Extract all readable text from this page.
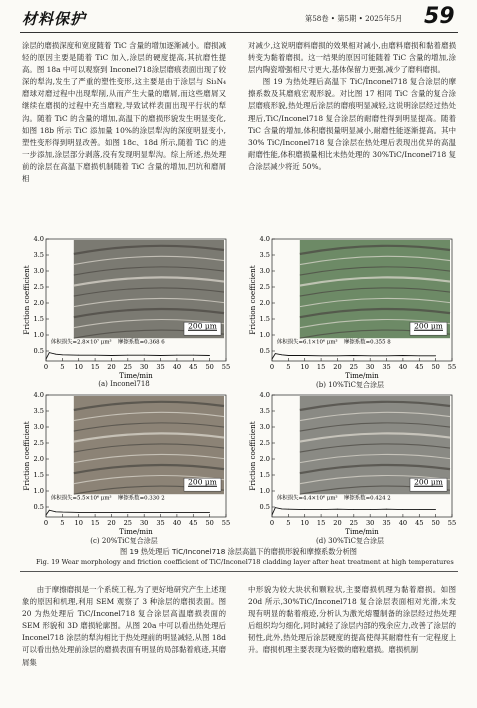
材料保护	第58卷 • 第5期 • 2025年5月 59

涂层的磨损深度和宽度随着 TiC 含量的增加逐渐减小。磨损减轻的原因主要是随着 TiC 加入,涂层的硬度提高,其抗磨性提高。图 18a 中可以观察到 Inconel718涂层磨痕表面出现了较深的犁沟,发生了严重的塑性变形,这主要是由于涂层与 Si₃N₄磨球对磨过程中出现犁削,从而产生大量的磨屑,而这些磨屑又继续在磨损的过程中充当磨粒,导致试样表面出现平行状的犁沟。随着 TiC 的含量的增加,高温下的磨损形貌发生明显变化,如图 18b 所示 TiC 添加量 10%的涂层犁沟的深度明显变小,塑性变形得到明显改善。如图 18c、18d 所示,随着 TiC 的进一步添加,涂层部分剥落,没有发现明显犁沟。综上所述,热处理前的涂层在高温下磨损机制随着 TiC 含量的增加,凹坑和磨屑相

对减少,这说明磨料磨损的效果相对减小,由磨料磨损和黏着磨损转变为黏着磨损。这一结果的原因可能随着 TiC 含量的增加,涂层内陶瓷增强相尺寸更大,基体保留力更强,减少了磨料磨损。

图 19 为热处理后高温下 TiC/Inconel718 复合涂层的摩擦系数及其磨痕宏观形貌。对比图 17 相同 TiC 含量的复合涂层磨痕形貌,热处理后涂层的磨痕明显减轻,这说明涂层经过热处理后,TiC/Inconel718 复合涂层的耐磨性得到明显提高。随着 TiC 含量的增加,体积磨损量明显减小,耐磨性能逐渐提高。其中 30% TiC/Inconel718 复合涂层在热处理后表现出优异的高温耐磨性能,体积磨损量相比未热处理的 30%TiC/Inconel718 复合涂层减少将近 50%。

200 μm
0.5
1.0
1.5
2.0
2.5
3.0
3.5
4.0
0 5 10 15 20 25 30 35 40 45 50 55
Time/min
Friction coefficient
体积损失=2.8×10⁷ μm³ 摩擦系数=0.368 6
200 μm
0.5
1.0
1.5
2.0
2.5
3.0
3.5
4.0
0 5 10 15 20 25 30 35 40 45 50 55
Time/min
Friction coefficient
体积损失=6.1×10⁶ μm³ 摩擦系数=0.355 8
200 μm
0.5
1.0
1.5
2.0
2.5
3.0
3.5
4.0
0 5 10 15 20 25 30 35 40 45 50 55
Time/min
Friction coefficient
体积损失=5.5×10⁶ μm³ 摩擦系数=0.330 2
200 μm
0.5
1.0
1.5
2.0
2.5
3.0
3.5
4.0
0 5 10 15 20 25 30 35 40 45 50 55
Time/min
Friction coefficient
体积损失=4.4×10⁶ μm³ 摩擦系数=0.424 2
(a) Inconel718	(b) 10%TiC复合涂层
(c) 20%TiC复合涂层	(d) 30%TiC复合涂层
图 19 热处理后 TiC/Inconel718 涂层高温下的磨损形貌和摩擦系数分析图
Fig. 19 Wear morphology and friction coefficient of TiC/Inconel718 cladding layer after heat treatment at high temperatures

由于摩擦磨损是一个系统工程,为了更好地研究产生上述现象的原因和机理,利用 SEM 观察了 3 种涂层的磨损表面。图 20 为热处理后 TiC/Inconel718 复合涂层高温磨损表面的 SEM 形貌和 3D 磨损轮廓图。从图 20a 中可以看出热处理后 Inconel718 涂层的犁沟相比于热处理前的明显减轻,从图 18d 可以看出热处理前涂层的磨损表面有明显的局部黏着痕迹,其磨屑集

中形貌为较大块状和颗粒状,主要磨损机理为黏着磨损。如图 20d 所示,30%TiC/Inconel718 复合涂层表面相对光滑,未发现有明显的黏着痕迹,分析认为激光熔覆制备的涂层经过热处理后组织均匀细化,同时减轻了涂层内部的残余应力,改善了涂层的韧性,此外,热处理后涂层硬度的提高使得其耐磨性有一定程度上升。磨损机理主要表现为轻微的磨粒磨损。磨损机制
